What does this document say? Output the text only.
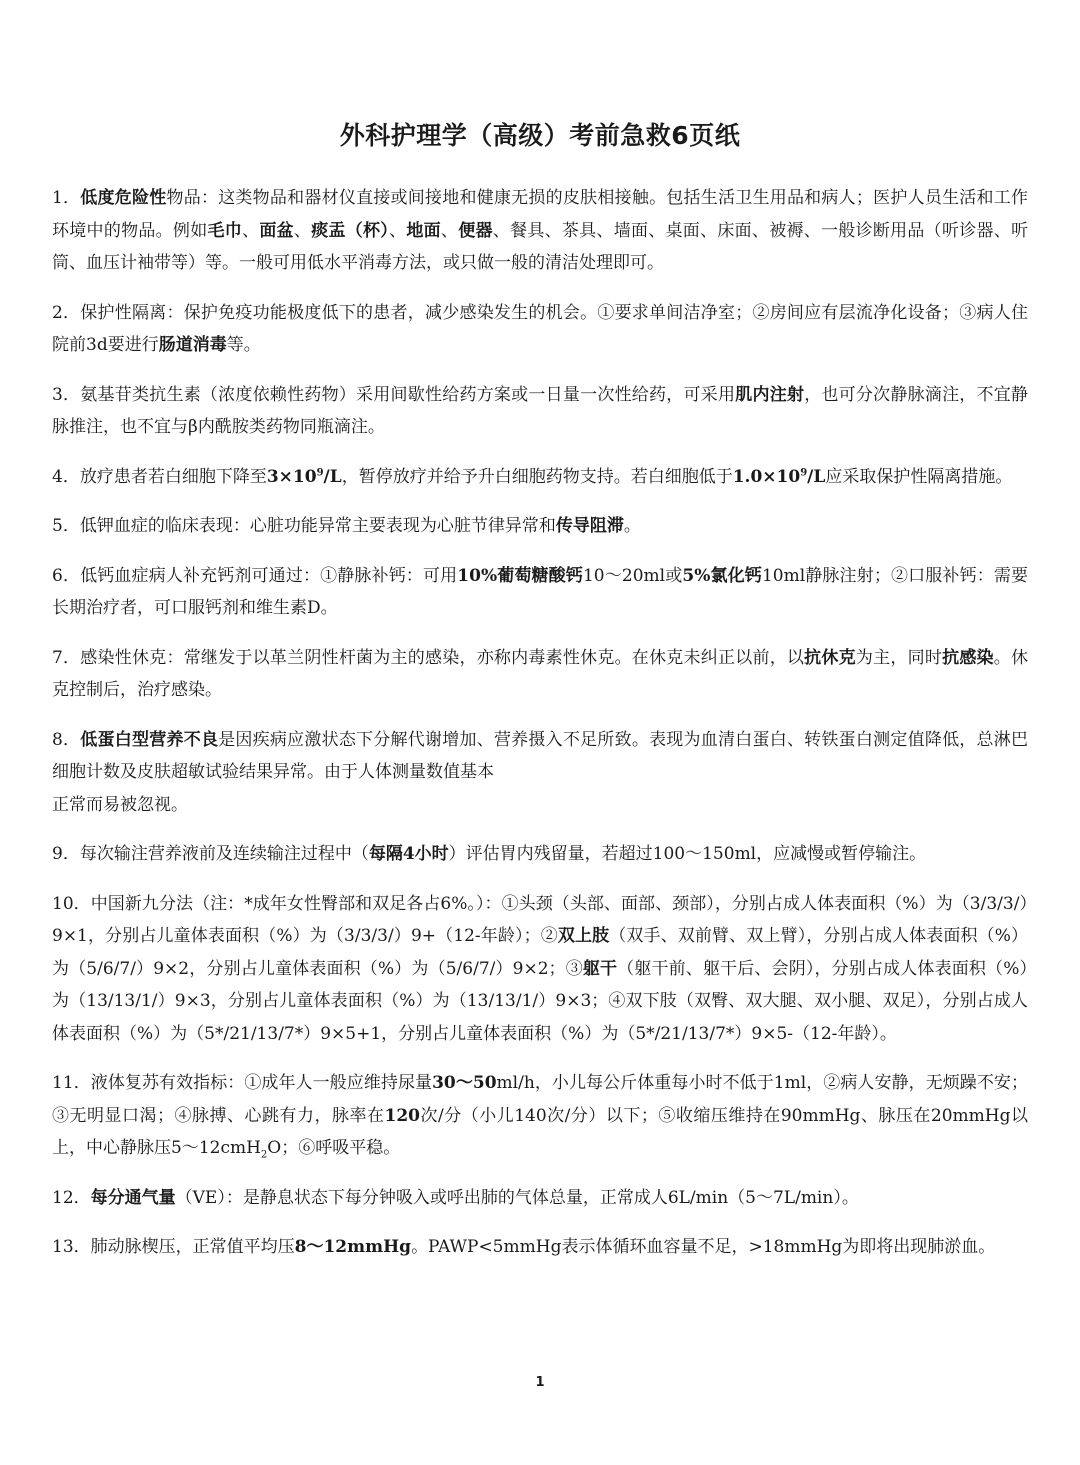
外科护理学（高级）考前急救6页纸

1．低度危险性物品：这类物品和器材仪直接或间接地和健康无损的皮肤相接触。包括生活卫生用品和病人；医护人员生活和工作环境中的物品。例如毛巾、面盆、痰盂（杯）、地面、便器、餐具、茶具、墙面、桌面、床面、被褥、一般诊断用品（听诊器、听筒、血压计袖带等）等。一般可用低水平消毒方法，或只做一般的清洁处理即可。

2．保护性隔离：保护免疫功能极度低下的患者，减少感染发生的机会。①要求单间洁净室；②房间应有层流净化设备；③病人住院前3d要进行肠道消毒等。

3．氨基苷类抗生素（浓度依赖性药物）采用间歇性给药方案或一日量一次性给药，可采用肌内注射，也可分次静脉滴注，不宜静脉推注，也不宜与β内酰胺类药物同瓶滴注。

4．放疗患者若白细胞下降至$3\times 10^9/L$，暂停放疗并给予升白细胞药物支持。若白细胞低于$1.0\times 10^9/L$应采取保护性隔离措施。

5．低钾血症的临床表现：心脏功能异常主要表现为心脏节律异常和传导阻滞。

6．低钙血症病人补充钙剂可通过：①静脉补钙：可用10%葡萄糖酸钙10～20ml或5%氯化钙10ml静脉注射；②口服补钙：需要长期治疗者，可口服钙剂和维生素D。

7．感染性休克：常继发于以革兰阴性杆菌为主的感染，亦称内毒素性休克。在休克未纠正以前，以抗休克为主，同时抗感染。休克控制后，治疗感染。

8．低蛋白型营养不良是因疾病应激状态下分解代谢增加、营养摄入不足所致。表现为血清白蛋白、转铁蛋白测定值降低，总淋巴细胞计数及皮肤超敏试验结果异常。由于人体测量数值基本
正常而易被忽视。

9．每次输注营养液前及连续输注过程中（每隔4小时）评估胃内残留量，若超过100～150ml，应减慢或暂停输注。

10．中国新九分法（注：*成年女性臀部和双足各占6%。）：①头颈（头部、面部、颈部），分别占成人体表面积（%）为（3/3/3/）9×1，分别占儿童体表面积（%）为（3/3/3/）9+（12-年龄）；②双上肢（双手、双前臂、双上臂），分别占成人体表面积（%）为（5/6/7/）9×2，分别占儿童体表面积（%）为（5/6/7/）9×2；③躯干（躯干前、躯干后、会阴），分别占成人体表面积（%）为（13/13/1/）9×3，分别占儿童体表面积（%）为（13/13/1/）9×3；④双下肢（双臀、双大腿、双小腿、双足），分别占成人体表面积（%）为（5*/21/13/7*）9×5+1，分别占儿童体表面积（%）为（5*/21/13/7*）9×5-（12-年龄）。

11．液体复苏有效指标：①成年人一般应维持尿量30～50ml/h，小儿每公斤体重每小时不低于1ml，②病人安静，无烦躁不安；③无明显口渴；④脉搏、心跳有力，脉率在120次/分（小儿140次/分）以下；⑤收缩压维持在90mmHg、脉压在20mmHg以上，中心静脉压5～12cmH$_2$O；⑥呼吸平稳。

12．每分通气量（VE）：是静息状态下每分钟吸入或呼出肺的气体总量，正常成人6L/min（5～7L/min）。

13．肺动脉楔压，正常值平均压8～12mmHg。PAWP<5mmHg表示体循环血容量不足，>18mmHg为即将出现肺淤血。

1
